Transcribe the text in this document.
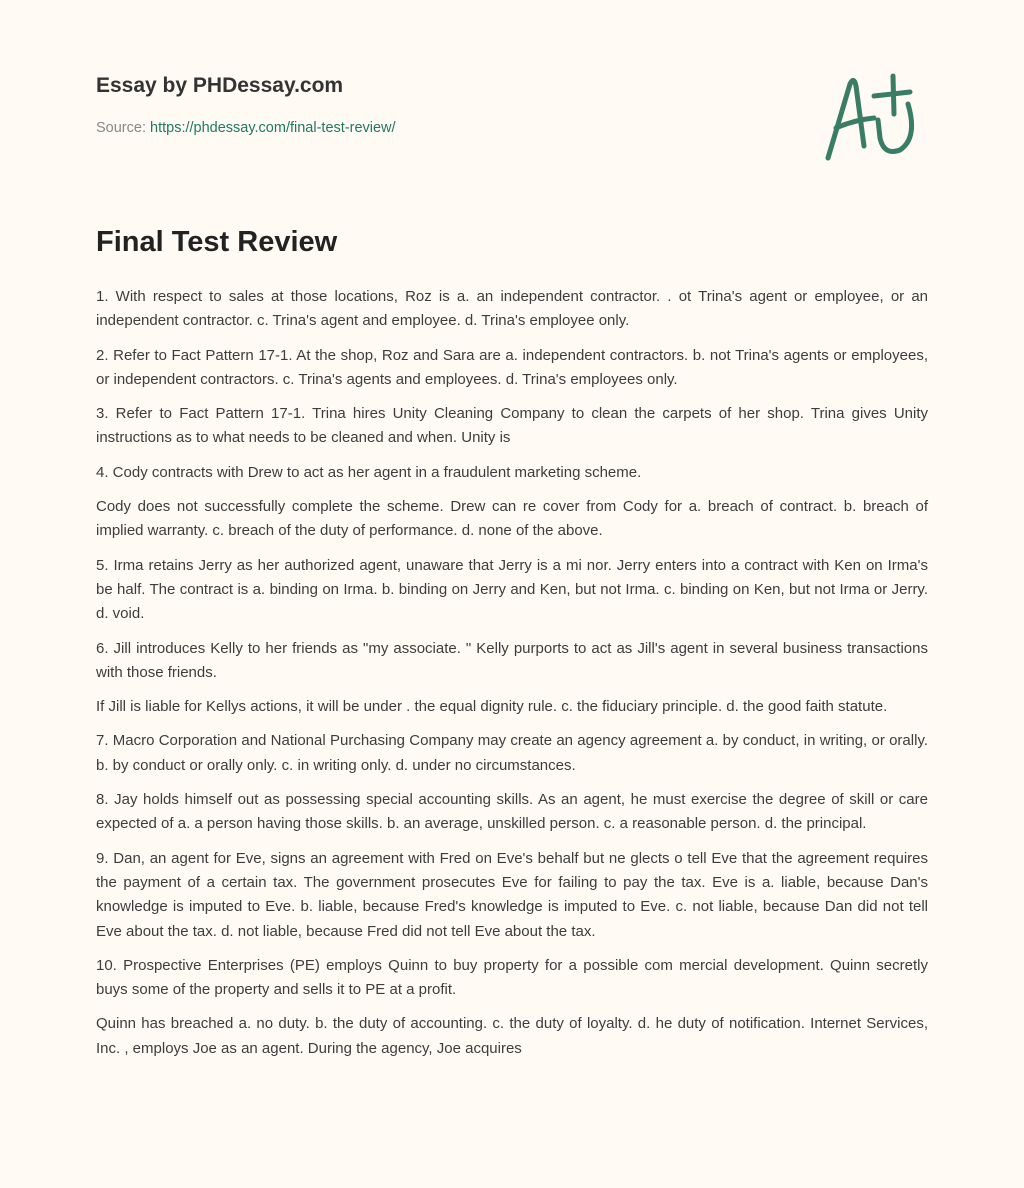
Essay by PHDessay.com

Source: https://phdessay.com/final-test-review/
Final Test Review

1. With respect to sales at those locations, Roz is a. an independent contractor. . ot Trina's agent or employee, or an independent contractor. c. Trina's agent and employee. d. Trina's employee only.

2. Refer to Fact Pattern 17-1. At the shop, Roz and Sara are a. independent contractors. b. not Trina's agents or employees, or independent contractors. c. Trina's agents and employees. d. Trina's employees only.

3. Refer to Fact Pattern 17-1. Trina hires Unity Cleaning Company to clean the carpets of her shop. Trina gives Unity instructions as to what needs to be cleaned and when. Unity is

4. Cody contracts with Drew to act as her agent in a fraudulent marketing scheme.

Cody does not successfully complete the scheme. Drew can re cover from Cody for a. breach of contract. b. breach of implied warranty. c. breach of the duty of performance. d. none of the above.

5. Irma retains Jerry as her authorized agent, unaware that Jerry is a mi nor. Jerry enters into a contract with Ken on Irma's be half. The contract is a. binding on Irma. b. binding on Jerry and Ken, but not Irma. c. binding on Ken, but not Irma or Jerry. d. void.

6. Jill introduces Kelly to her friends as "my associate. " Kelly purports to act as Jill's agent in several business transactions with those friends.

If Jill is liable for Kellys actions, it will be under . the equal dignity rule. c. the fiduciary principle. d. the good faith statute.

7. Macro Corporation and National Purchasing Company may create an agency agreement a. by conduct, in writing, or orally. b. by conduct or orally only. c. in writing only. d. under no circumstances.

8. Jay holds himself out as possessing special accounting skills. As an agent, he must exercise the degree of skill or care expected of a. a person having those skills. b. an average, unskilled person. c. a reasonable person. d. the principal.

9. Dan, an agent for Eve, signs an agreement with Fred on Eve's behalf but ne glects o tell Eve that the agreement requires the payment of a certain tax. The government prosecutes Eve for failing to pay the tax. Eve is a. liable, because Dan's knowledge is imputed to Eve. b. liable, because Fred's knowledge is imputed to Eve. c. not liable, because Dan did not tell Eve about the tax. d. not liable, because Fred did not tell Eve about the tax.

10. Prospective Enterprises (PE) employs Quinn to buy property for a possible com mercial development. Quinn secretly buys some of the property and sells it to PE at a profit.

Quinn has breached a. no duty. b. the duty of accounting. c. the duty of loyalty. d. he duty of notification. Internet Services, Inc. , employs Joe as an agent. During the agency, Joe acquires
